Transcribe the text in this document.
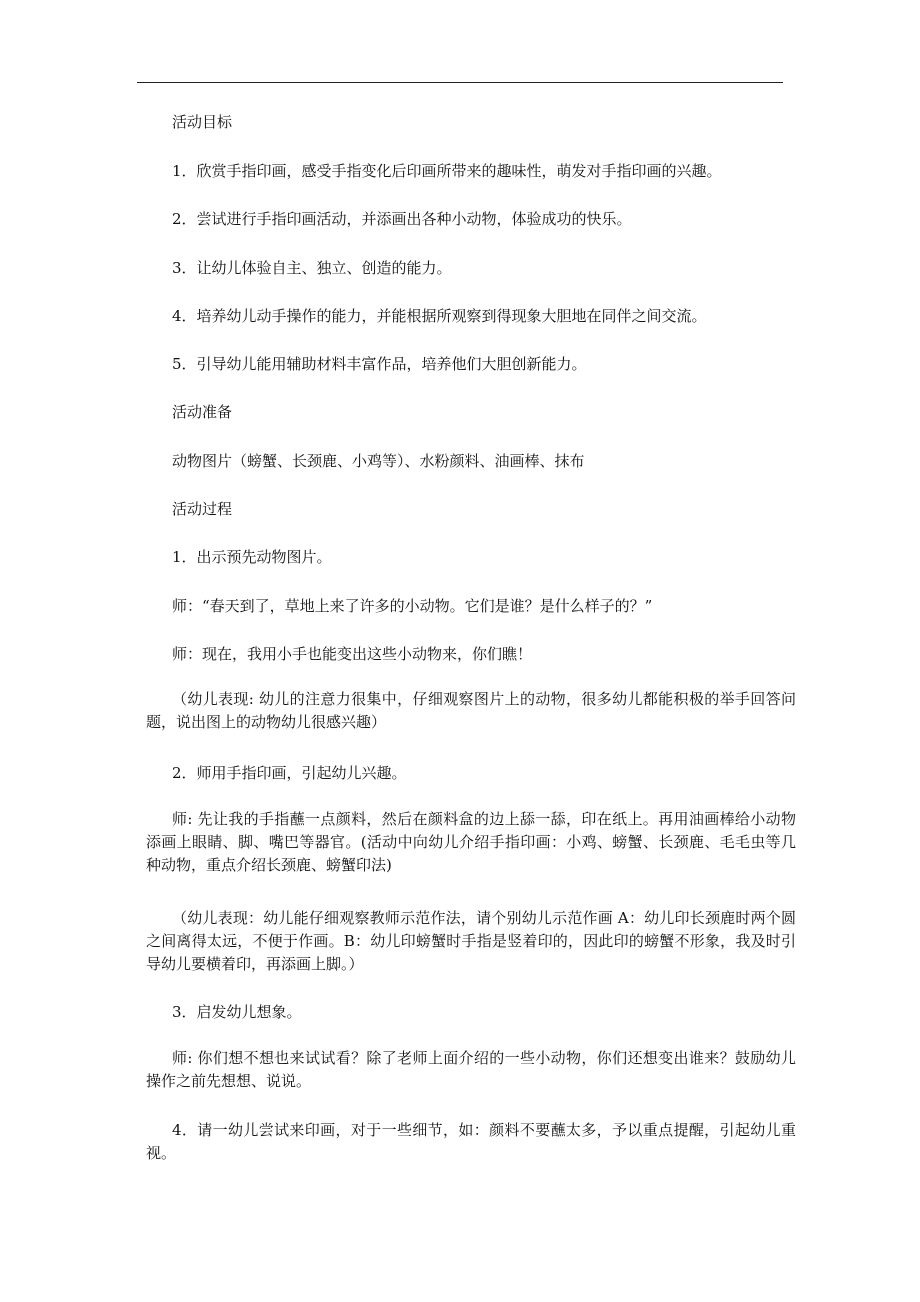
活动目标

1．欣赏手指印画，感受手指变化后印画所带来的趣味性，萌发对手指印画的兴趣。

2．尝试进行手指印画活动，并添画出各种小动物，体验成功的快乐。

3．让幼儿体验自主、独立、创造的能力。

4．培养幼儿动手操作的能力，并能根据所观察到得现象大胆地在同伴之间交流。

5．引导幼儿能用辅助材料丰富作品，培养他们大胆创新能力。

活动准备

动物图片（螃蟹、长颈鹿、小鸡等）、水粉颜料、油画棒、抹布

活动过程

1．出示预先动物图片。

师：“春天到了，草地上来了许多的小动物。它们是谁？是什么样子的？”

师：现在，我用小手也能变出这些小动物来，你们瞧！

（幼儿表现: 幼儿的注意力很集中，仔细观察图片上的动物，很多幼儿都能积极的举手回答问题，说出图上的动物幼儿很感兴趣）

2．师用手指印画，引起幼儿兴趣。

师: 先让我的手指蘸一点颜料，然后在颜料盒的边上舔一舔，印在纸上。再用油画棒给小动物添画上眼睛、脚、嘴巴等器官。(活动中向幼儿介绍手指印画：小鸡、螃蟹、长颈鹿、毛毛虫等几种动物，重点介绍长颈鹿、螃蟹印法)

（幼儿表现：幼儿能仔细观察教师示范作法，请个别幼儿示范作画 A：幼儿印长颈鹿时两个圆之间离得太远，不便于作画。B：幼儿印螃蟹时手指是竖着印的，因此印的螃蟹不形象，我及时引导幼儿要横着印，再添画上脚。）

3．启发幼儿想象。

师: 你们想不想也来试试看？除了老师上面介绍的一些小动物，你们还想变出谁来？鼓励幼儿操作之前先想想、说说。

4．请一幼儿尝试来印画，对于一些细节，如：颜料不要蘸太多，予以重点提醒，引起幼儿重视。
